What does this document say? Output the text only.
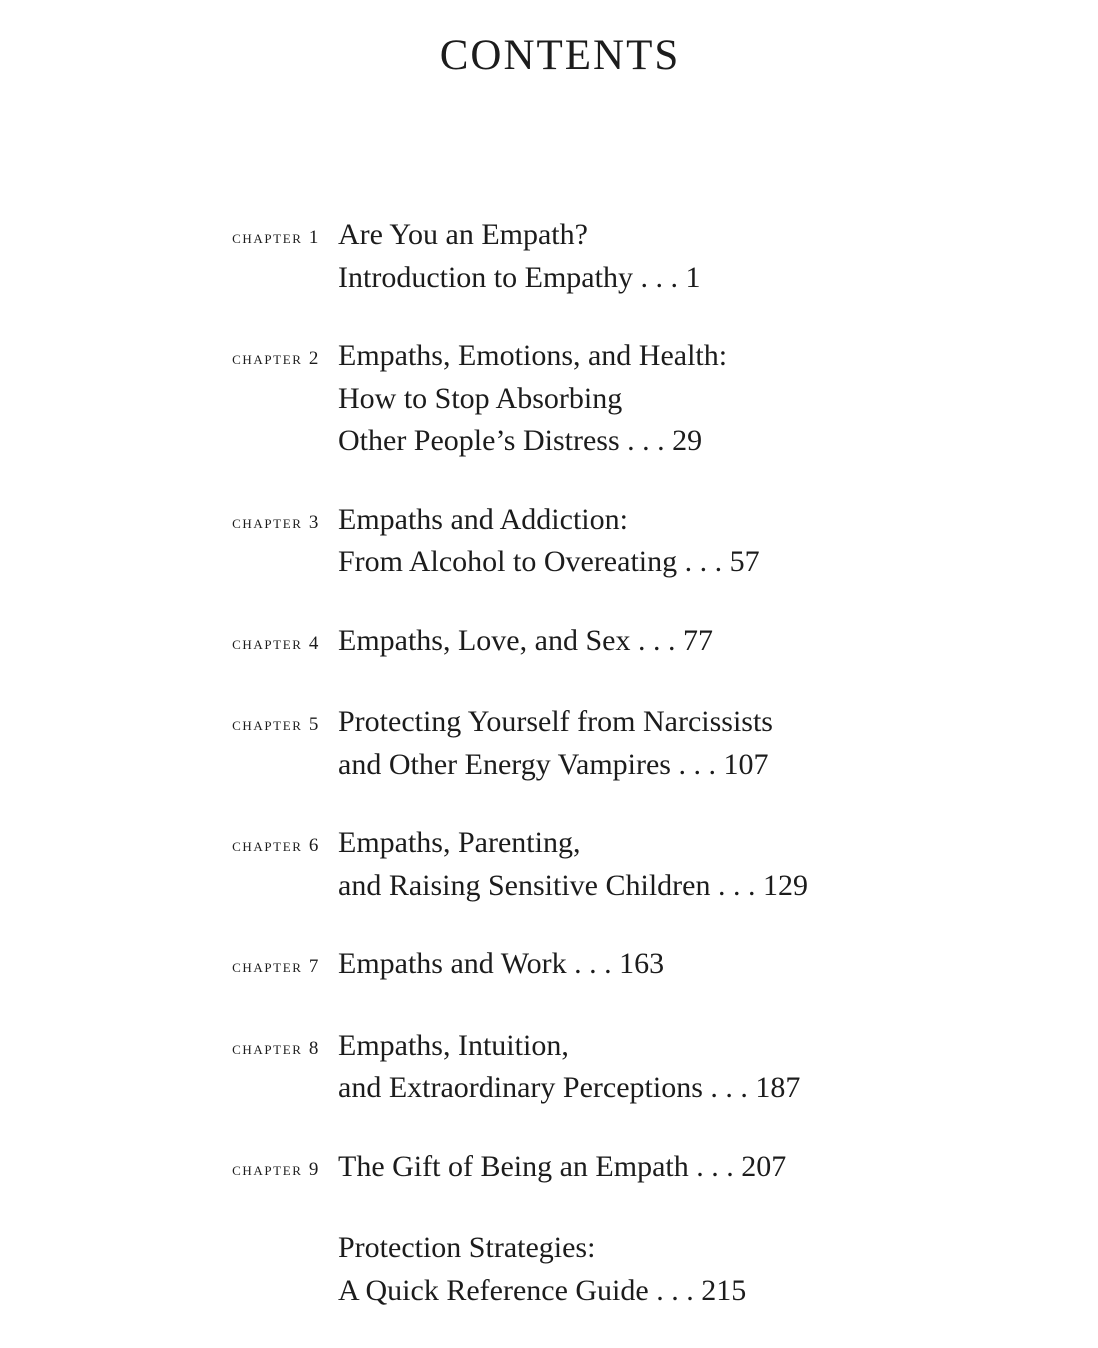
CONTENTS
chapter 1 Are You an Empath?
Introduction to Empathy . . . 1
chapter 2 Empaths, Emotions, and Health:
How to Stop Absorbing
Other People’s Distress . . . 29
chapter 3 Empaths and Addiction:
From Alcohol to Overeating . . . 57
chapter 4 Empaths, Love, and Sex . . . 77
chapter 5 Protecting Yourself from Narcissists
and Other Energy Vampires . . . 107
chapter 6 Empaths, Parenting,
and Raising Sensitive Children . . . 129
chapter 7 Empaths and Work . . . 163
chapter 8 Empaths, Intuition,
and Extraordinary Perceptions . . . 187
chapter 9 The Gift of Being an Empath . . . 207
Protection Strategies:
A Quick Reference Guide . . . 215
